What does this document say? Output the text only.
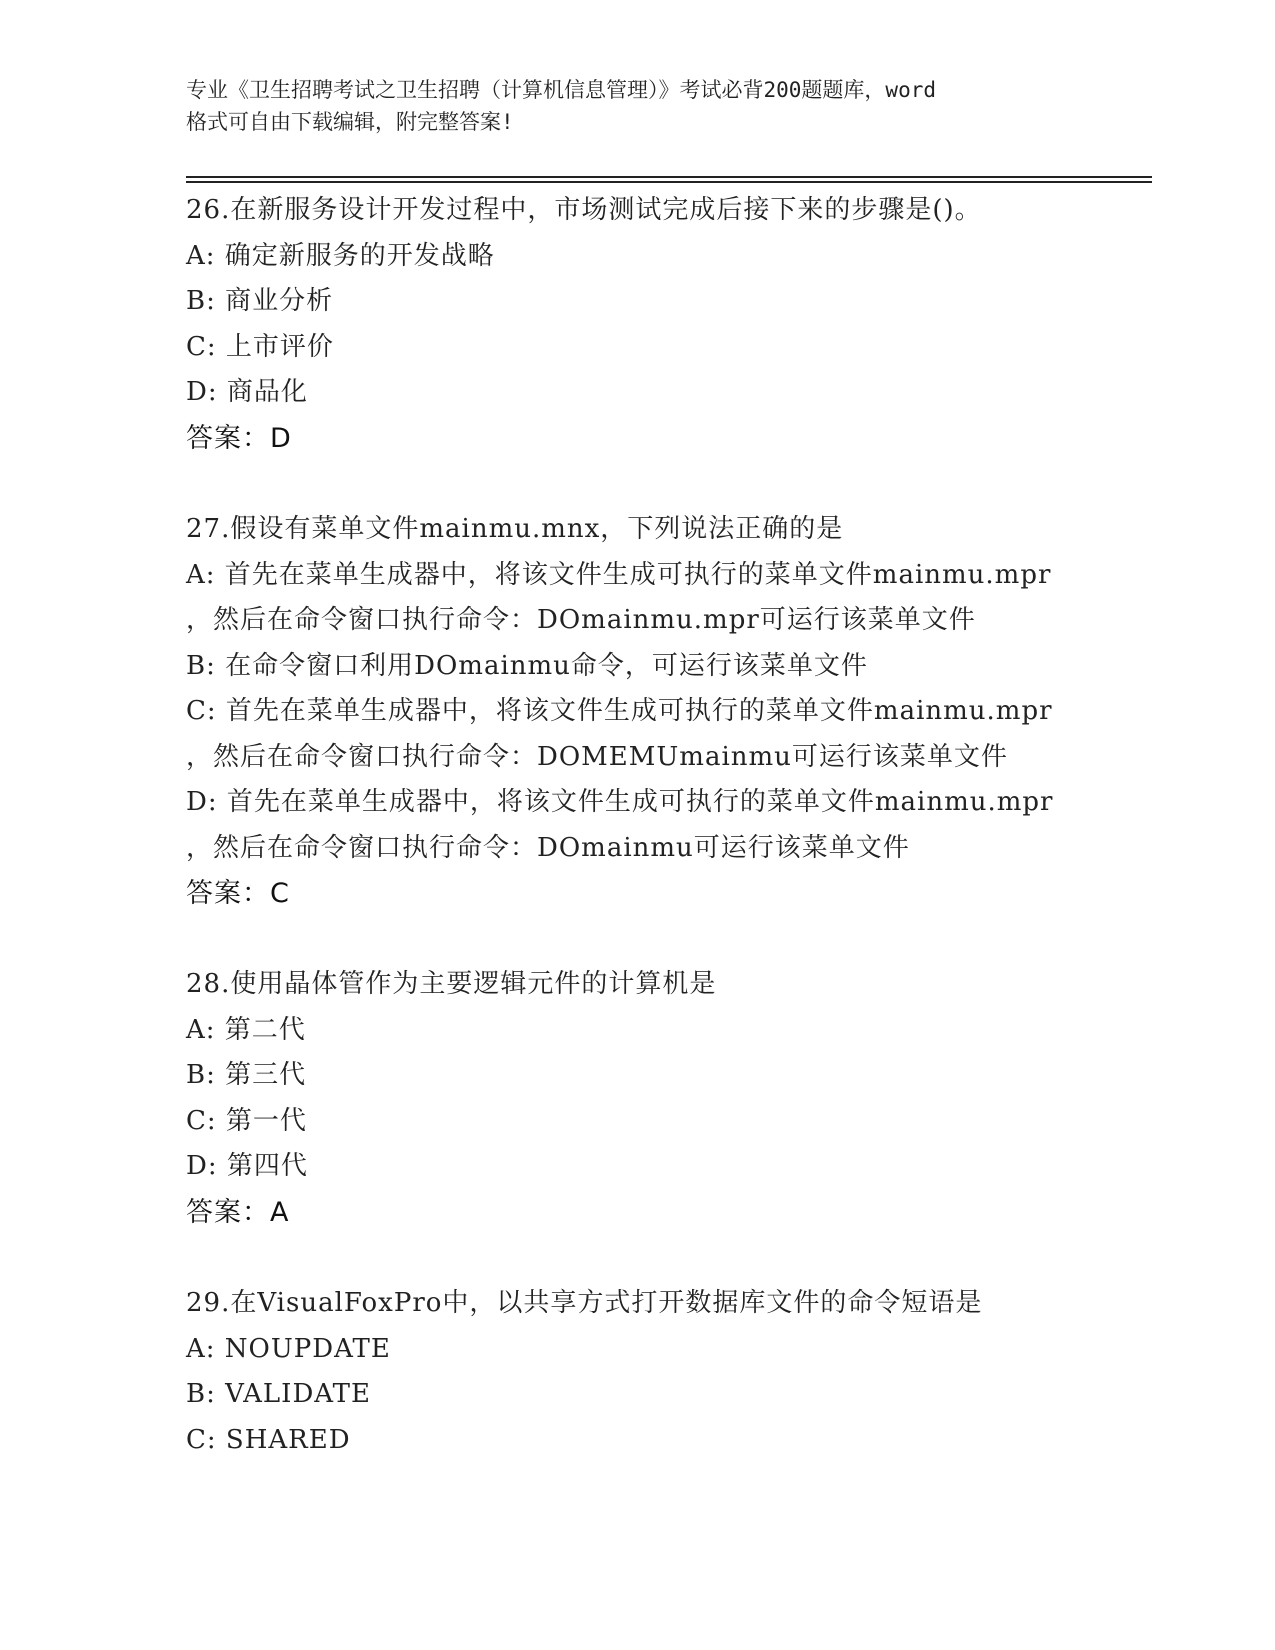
专业《卫生招聘考试之卫生招聘（计算机信息管理）》考试必背200题题库，word
格式可自由下载编辑，附完整答案!
26.在新服务设计开发过程中，市场测试完成后接下来的步骤是()。
A: 确定新服务的开发战略
B: 商业分析
C: 上市评价
D: 商品化
答案：D
27.假设有菜单文件mainmu.mnx，下列说法正确的是
A: 首先在菜单生成器中，将该文件生成可执行的菜单文件mainmu.mpr
，然后在命令窗口执行命令：DOmainmu.mpr可运行该菜单文件
B: 在命令窗口利用DOmainmu命令，可运行该菜单文件
C: 首先在菜单生成器中，将该文件生成可执行的菜单文件mainmu.mpr
，然后在命令窗口执行命令：DOMEMUmainmu可运行该菜单文件
D: 首先在菜单生成器中，将该文件生成可执行的菜单文件mainmu.mpr
，然后在命令窗口执行命令：DOmainmu可运行该菜单文件
答案：C
28.使用晶体管作为主要逻辑元件的计算机是
A: 第二代
B: 第三代
C: 第一代
D: 第四代
答案：A
29.在VisualFoxPro中，以共享方式打开数据库文件的命令短语是
A: NOUPDATE
B: VALIDATE
C: SHARED
